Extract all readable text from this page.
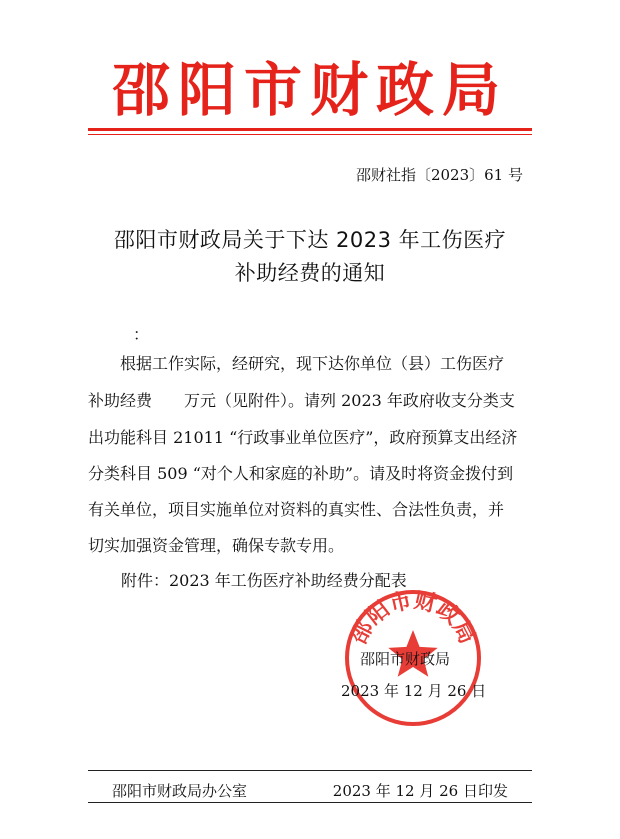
邵阳市财政局
邵财社指〔2023〕61 号
邵阳市财政局关于下达 2023 年工伤医疗
补助经费的通知
：
　　根据工作实际，经研究，现下达你单位（县）工伤医疗
补助经费　　万元（见附件）。请列 2023 年政府收支分类支
出功能科目 21011 “行政事业单位医疗”，政府预算支出经济
分类科目 509 “对个人和家庭的补助”。请及时将资金拨付到
有关单位，项目实施单位对资料的真实性、合法性负责，并
切实加强资金管理，确保专款专用。
附件：2023 年工伤医疗补助经费分配表
邵阳市财政局
邵阳市财政局
2023 年 12 月 26 日
邵阳市财政局办公室	2023 年 12 月 26 日印发
